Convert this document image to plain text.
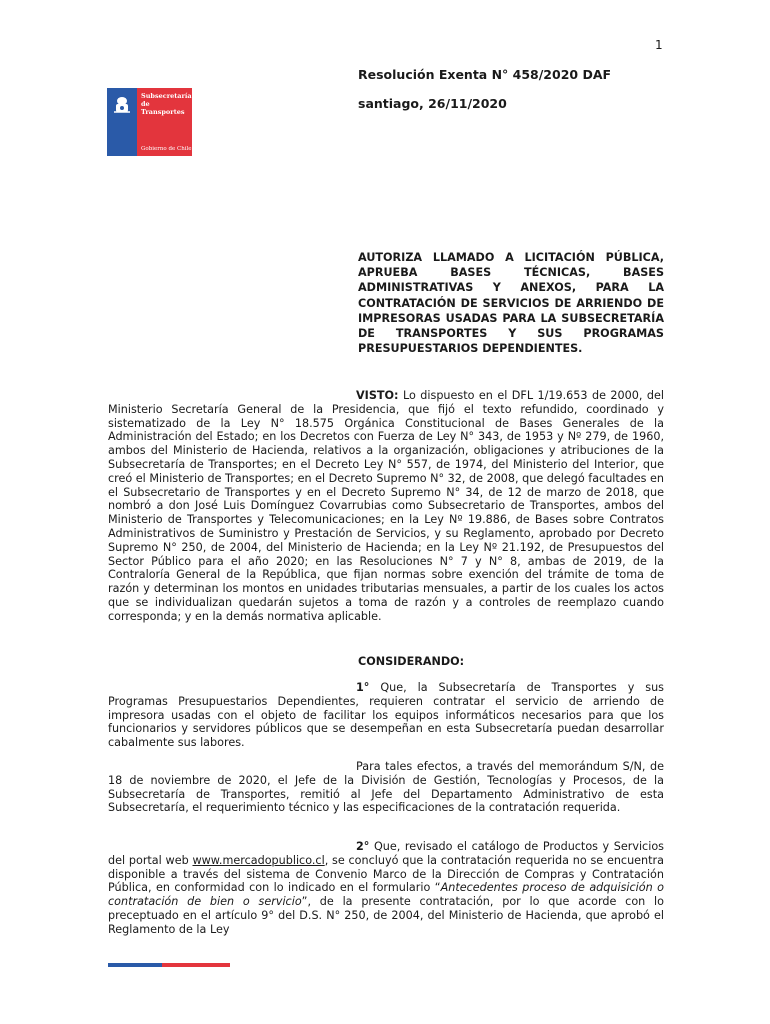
1
Resolución Exenta N° 458/2020 DAF
santiago, 26/11/2020
Subsecretaría de Transportes
Gobierno de Chile
AUTORIZA LLAMADO A LICITACIÓN PÚBLICA, APRUEBA BASES TÉCNICAS, BASES ADMINISTRATIVAS Y ANEXOS, PARA LA CONTRATACIÓN DE SERVICIOS DE ARRIENDO DE IMPRESORAS USADAS PARA LA SUBSECRETARÍA DE TRANSPORTES Y SUS PROGRAMAS PRESUPUESTARIOS DEPENDIENTES.

VISTO: Lo dispuesto en el DFL 1/19.653 de 2000, del Ministerio Secretaría General de la Presidencia, que fijó el texto refundido, coordinado y sistematizado de la Ley N° 18.575 Orgánica Constitucional de Bases Generales de la Administración del Estado; en los Decretos con Fuerza de Ley N° 343, de 1953 y Nº 279, de 1960, ambos del Ministerio de Hacienda, relativos a la organización, obligaciones y atribuciones de la Subsecretaría de Transportes; en el Decreto Ley N° 557, de 1974, del Ministerio del Interior, que creó el Ministerio de Transportes; en el Decreto Supremo N° 32, de 2008, que delegó facultades en el Subsecretario de Transportes y en el Decreto Supremo N° 34, de 12 de marzo de 2018, que nombró a don José Luis Domínguez Covarrubias como Subsecretario de Transportes, ambos del Ministerio de Transportes y Telecomunicaciones; en la Ley Nº 19.886, de Bases sobre Contratos Administrativos de Suministro y Prestación de Servicios, y su Reglamento, aprobado por Decreto Supremo N° 250, de 2004, del Ministerio de Hacienda; en la Ley Nº 21.192, de Presupuestos del Sector Público para el año 2020; en las Resoluciones N° 7 y N° 8, ambas de 2019, de la Contraloría General de la República, que fijan normas sobre exención del trámite de toma de razón y determinan los montos en unidades tributarias mensuales, a partir de los cuales los actos que se individualizan quedarán sujetos a toma de razón y a controles de reemplazo cuando corresponda; y en la demás normativa aplicable.

CONSIDERANDO:

1° Que, la Subsecretaría de Transportes y sus Programas Presupuestarios Dependientes, requieren contratar el servicio de arriendo de impresora usadas con el objeto de facilitar los equipos informáticos necesarios para que los funcionarios y servidores públicos que se desempeñan en esta Subsecretaría puedan desarrollar cabalmente sus labores.

Para tales efectos, a través del memorándum S/N, de 18 de noviembre de 2020, el Jefe de la División de Gestión, Tecnologías y Procesos, de la Subsecretaría de Transportes, remitió al Jefe del Departamento Administrativo de esta Subsecretaría, el requerimiento técnico y las especificaciones de la contratación requerida.

2° Que, revisado el catálogo de Productos y Servicios del portal web www.mercadopublico.cl, se concluyó que la contratación requerida no se encuentra disponible a través del sistema de Convenio Marco de la Dirección de Compras y Contratación Pública, en conformidad con lo indicado en el formulario “Antecedentes proceso de adquisición o contratación de bien o servicio”, de la presente contratación, por lo que acorde con lo preceptuado en el artículo 9° del D.S. N° 250, de 2004, del Ministerio de Hacienda, que aprobó el Reglamento de la Ley
